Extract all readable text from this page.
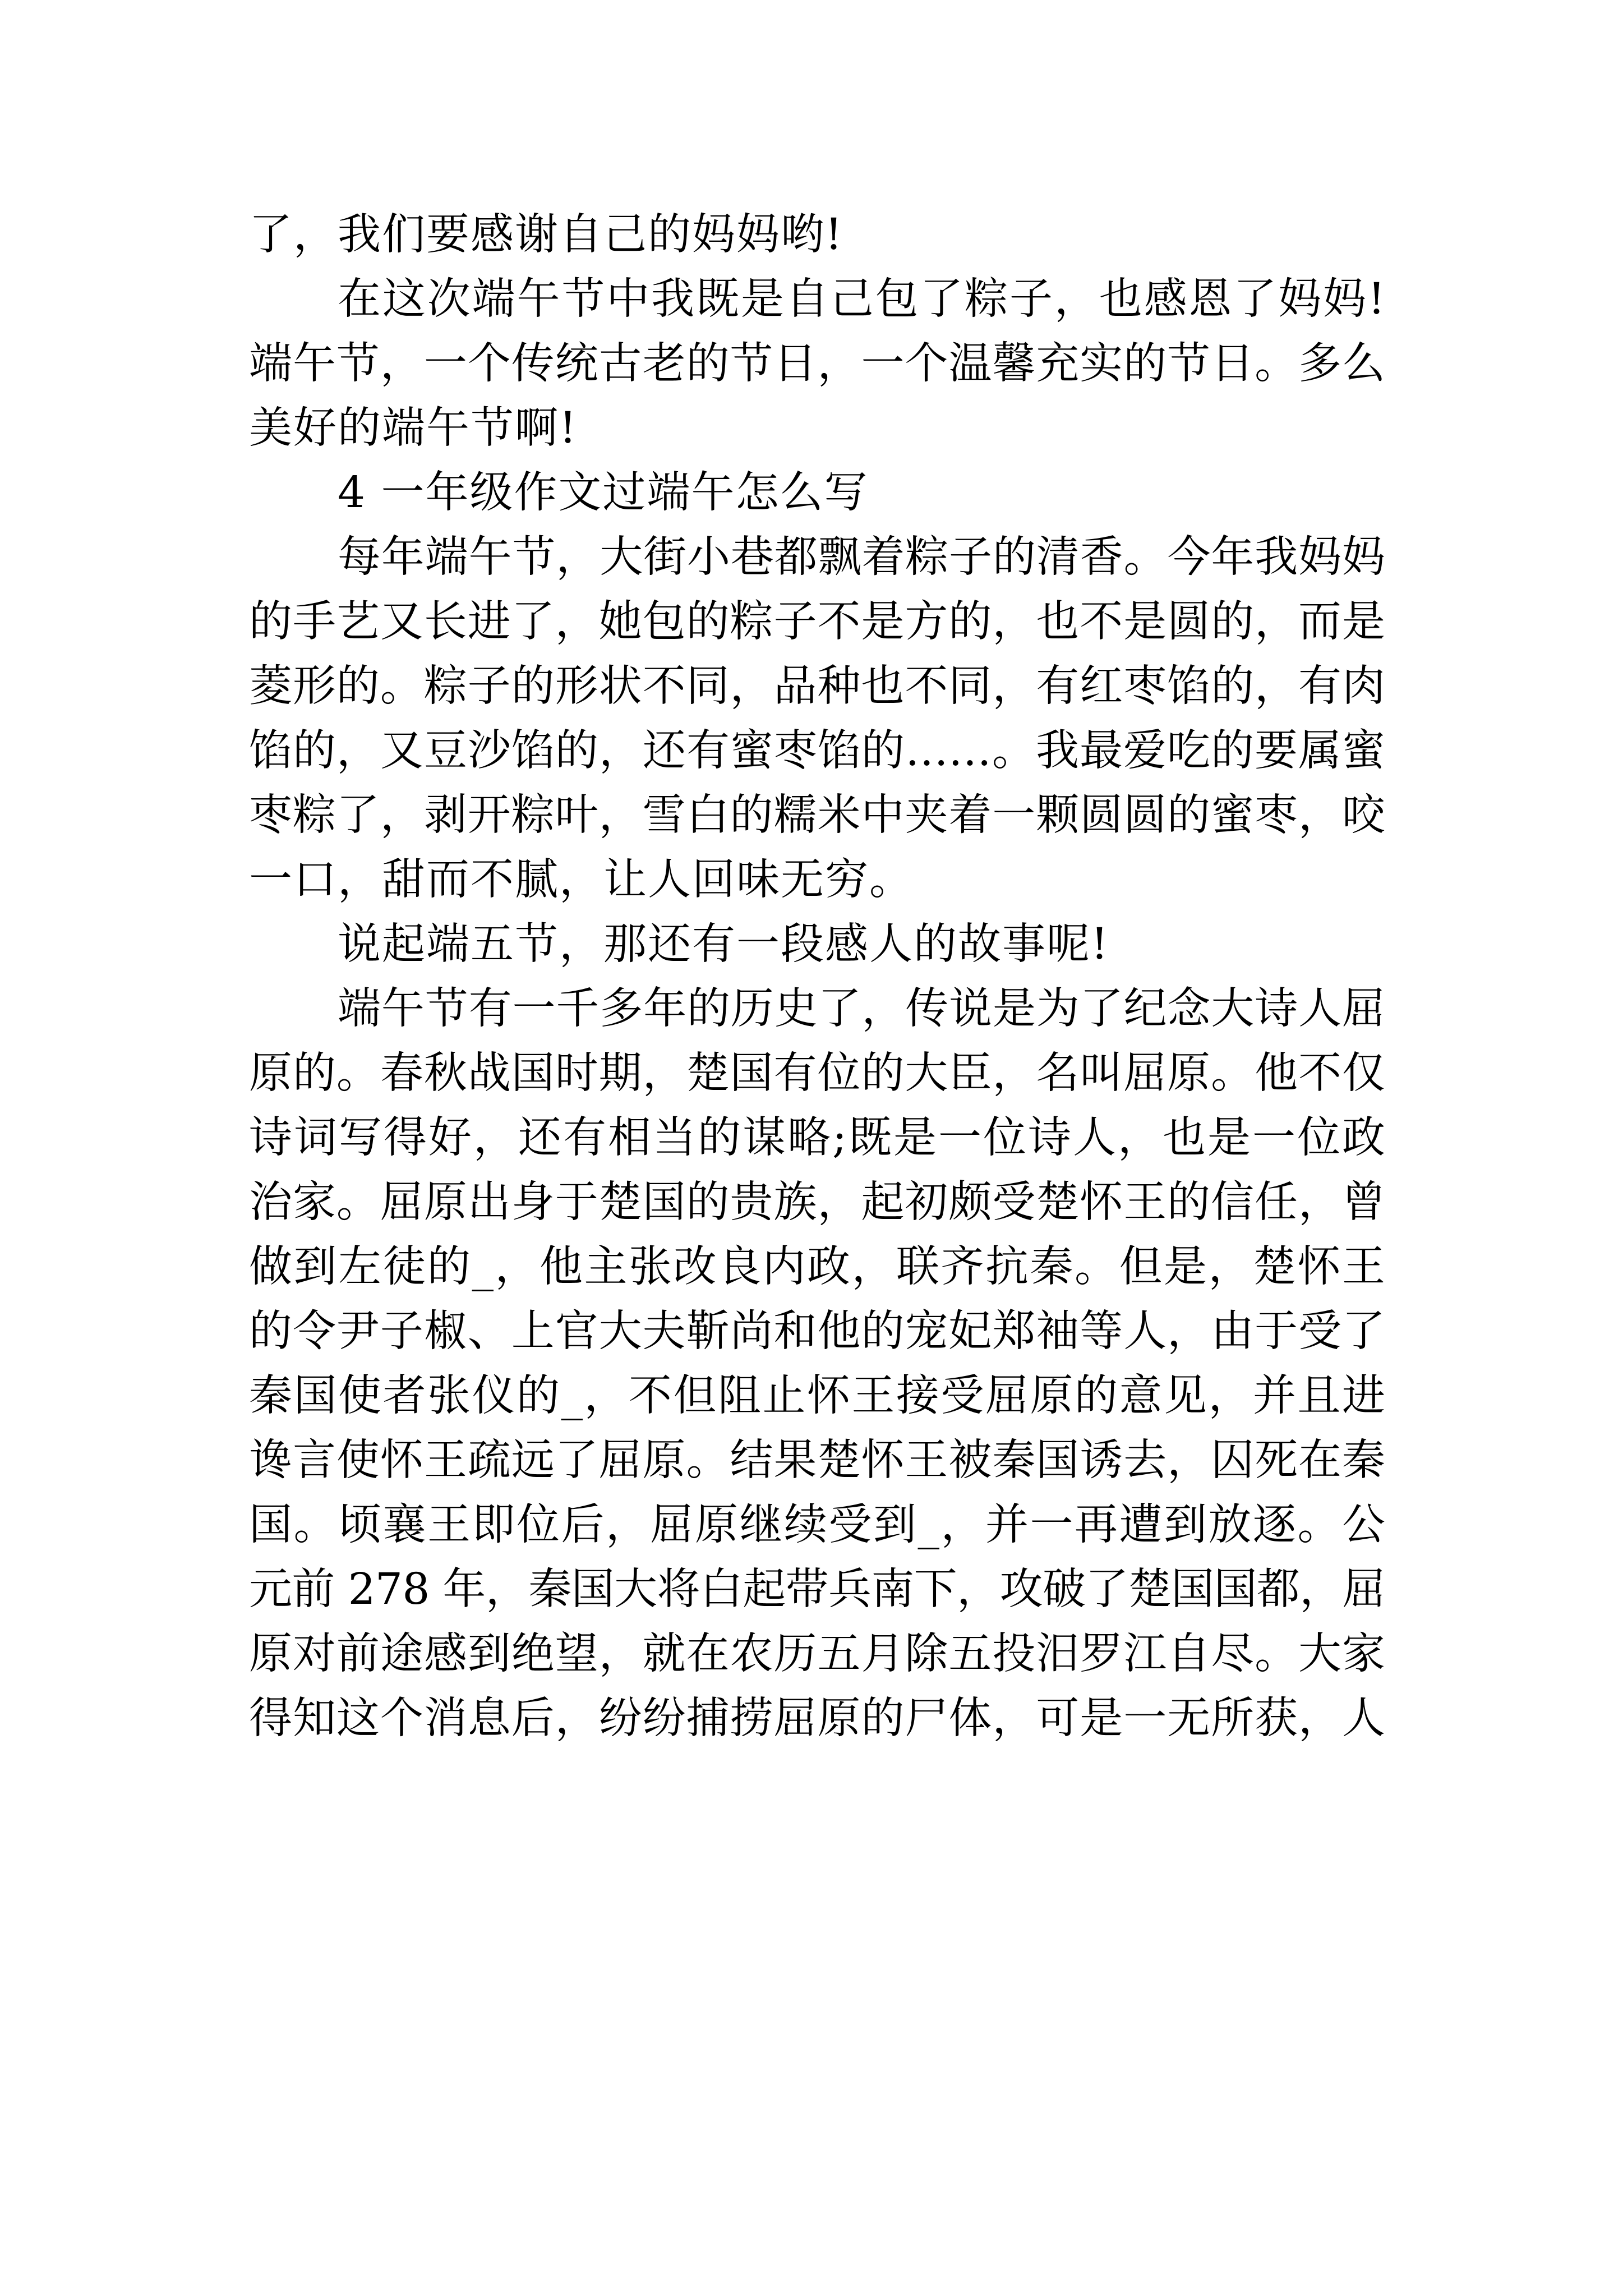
了，我们要感谢自己的妈妈哟!
在这次端午节中我既是自己包了粽子，也感恩了妈妈!
端午节，一个传统古老的节日，一个温馨充实的节日。多么
美好的端午节啊!
4 一年级作文过端午怎么写
每年端午节，大街小巷都飘着粽子的清香。今年我妈妈
的手艺又长进了，她包的粽子不是方的，也不是圆的，而是
菱形的。粽子的形状不同，品种也不同，有红枣馅的，有肉
馅的，又豆沙馅的，还有蜜枣馅的……。我最爱吃的要属蜜
枣粽了，剥开粽叶，雪白的糯米中夹着一颗圆圆的蜜枣，咬
一口，甜而不腻，让人回味无穷。
说起端五节，那还有一段感人的故事呢!
端午节有一千多年的历史了，传说是为了纪念大诗人屈
原的。春秋战国时期，楚国有位的大臣，名叫屈原。他不仅
诗词写得好，还有相当的谋略;既是一位诗人，也是一位政
治家。屈原出身于楚国的贵族，起初颇受楚怀王的信任，曾
做到左徒的_，他主张改良内政，联齐抗秦。但是，楚怀王
的令尹子椒、上官大夫靳尚和他的宠妃郑袖等人，由于受了
秦国使者张仪的_，不但阻止怀王接受屈原的意见，并且进
谗言使怀王疏远了屈原。结果楚怀王被秦国诱去，囚死在秦
国。顷襄王即位后，屈原继续受到_，并一再遭到放逐。公
元前 278 年，秦国大将白起带兵南下，攻破了楚国国都，屈
原对前途感到绝望，就在农历五月除五投汨罗江自尽。大家
得知这个消息后，纷纷捕捞屈原的尸体，可是一无所获，人
